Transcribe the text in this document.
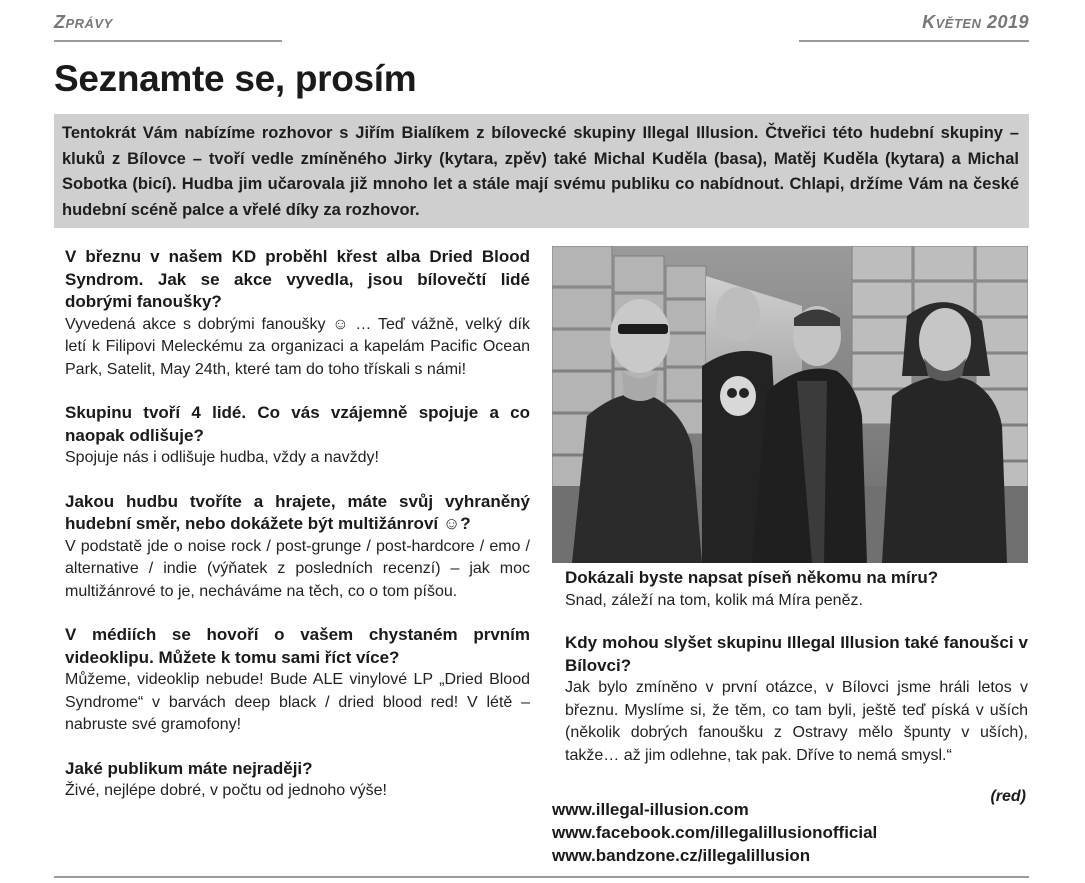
Zprávy	Květen 2019
Seznamte se, prosím
Tentokrát Vám nabízíme rozhovor s Jiřím Bialíkem z bílovecké skupiny Illegal Illusion. Čtveřici této hudební skupiny – kluků z Bílovce – tvoří vedle zmíněného Jirky (kytara, zpěv) také Michal Kuděla (basa), Matěj Kuděla (kytara) a Michal Sobotka (bicí). Hudba jim učarovala již mnoho let a stále mají svému publiku co nabídnout. Chlapi, držíme Vám na české hudební scéně palce a vřelé díky za rozhovor.

V březnu v našem KD proběhl křest alba Dried Blood Syndrom. Jak se akce vyvedla, jsou bílovečtí lidé dobrými fanoušky?

Vyvedená akce s dobrými fanoušky ☺ … Teď vážně, velký dík letí k Filipovi Meleckému za organizaci a kapelám Pacific Ocean Park, Satelit, May 24th, které tam do toho třískali s námi!

Skupinu tvoří 4 lidé. Co vás vzájemně spojuje a co naopak odlišuje?

Spojuje nás i odlišuje hudba, vždy a navždy!

Jakou hudbu tvoříte a hrajete, máte svůj vyhraněný hudební směr, nebo dokážete být multižánroví ☺?

V podstatě jde o noise rock / post-grunge / post-hardcore / emo / alternative / indie (výňatek z posledních recenzí) – jak moc multižánrové to je, necháváme na těch, co o tom píšou.

V médiích se hovoří o vašem chystaném prvním videoklipu. Můžete k tomu sami říct více?

Můžeme, videoklip nebude! Bude ALE vinylové LP „Dried Blood Syndrome“ v barvách deep black / dried blood red! V létě – nabruste své gramofony!

Jaké publikum máte nejraději?

Živé, nejlépe dobré, v počtu od jednoho výše!

Dokázali byste napsat píseň někomu na míru?

Snad, záleží na tom, kolik má Míra peněz.

Kdy mohou slyšet skupinu Illegal Illusion také fanoušci v Bílovci?

Jak bylo zmíněno v první otázce, v Bílovci jsme hráli letos v březnu. Myslíme si, že těm, co tam byli, ještě teď píská v uších (několik dobrých fanoušku z Ostravy mělo špunty v uších), takže… až jim odlehne, tak pak. Dříve to nemá smysl.“

(red)

www.illegal-illusion.com
www.facebook.com/illegalillusionofficial
www.bandzone.cz/illegalillusion
